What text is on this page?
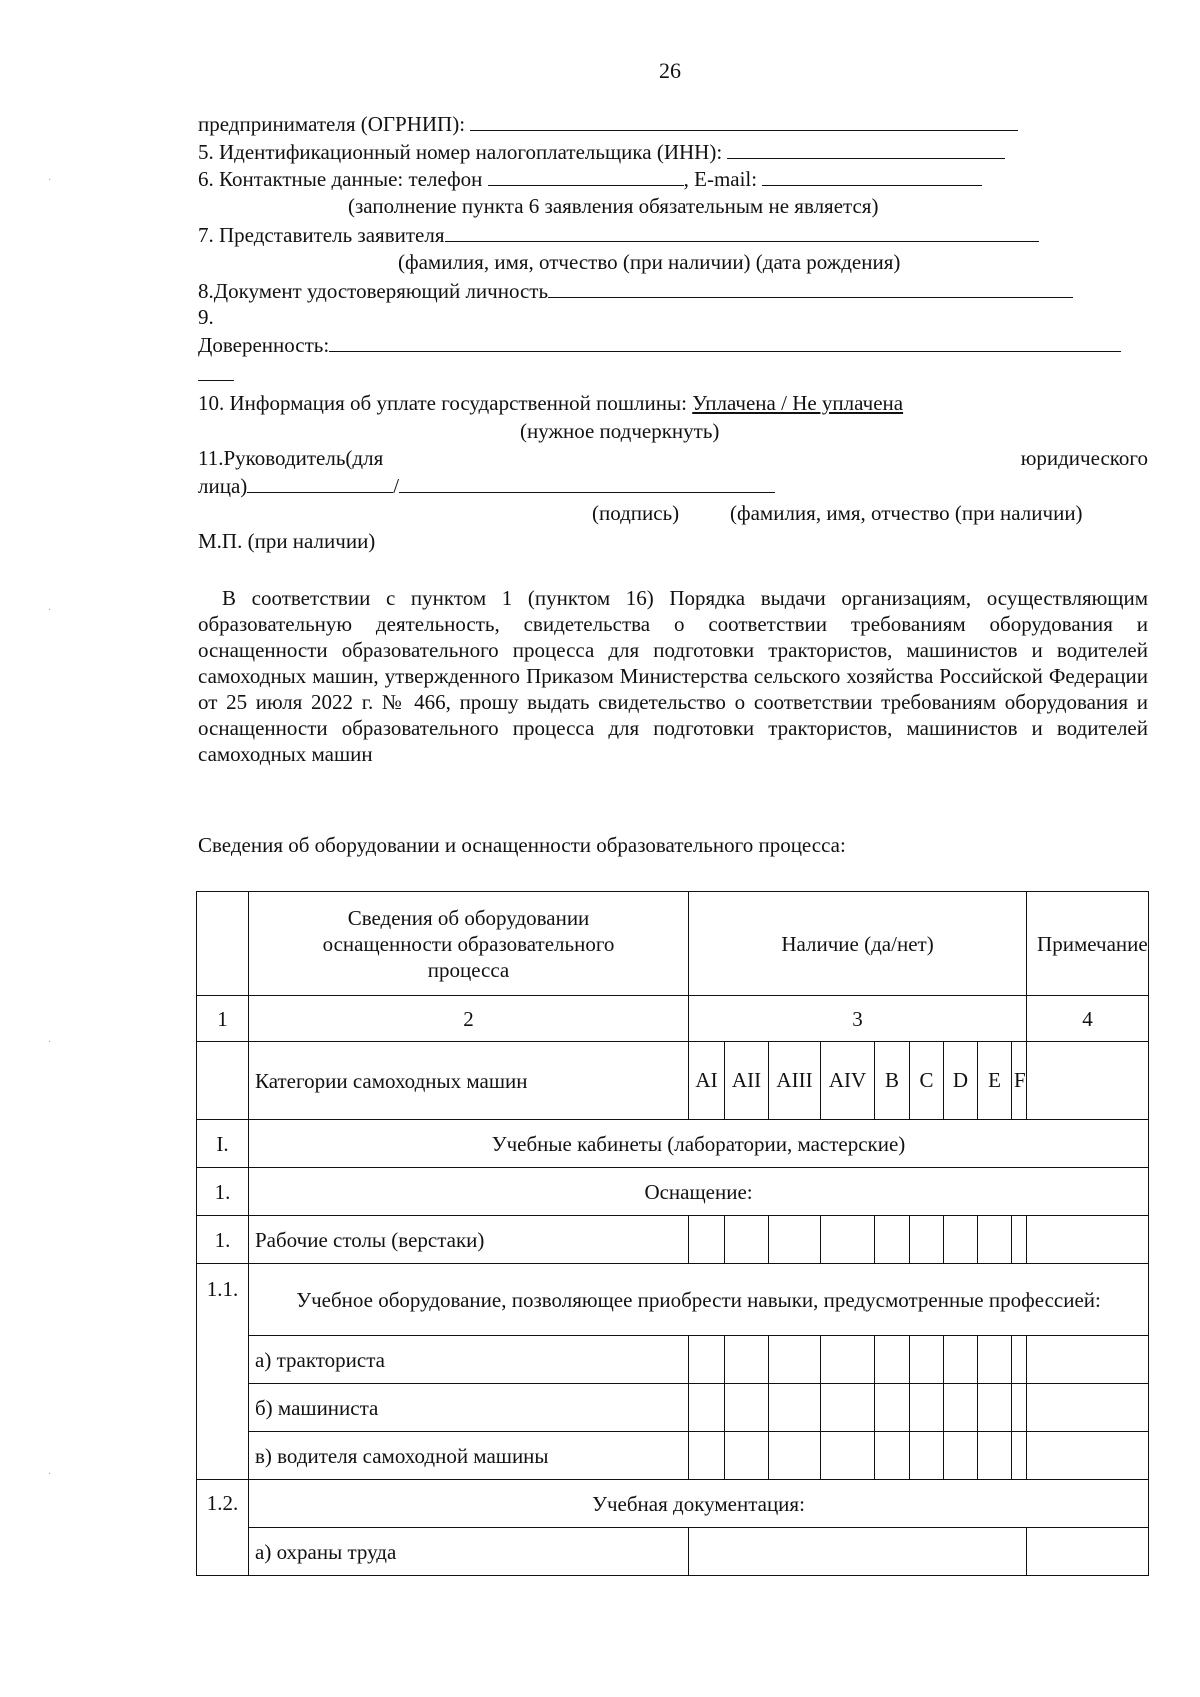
26
предпринимателя (ОГРНИП):
5. Идентификационный номер налогоплательщика (ИНН):
6. Контактные данные: телефон	, E-mail:
(заполнение пункта 6 заявления обязательным не является)
7. Представитель заявителя
(фамилия, имя, отчество (при наличии) (дата рождения)
8.Документ удостоверяющий личность
9.
Доверенность:
10. Информация об уплате государственной пошлины: Уплачена / Не уплачена
(нужное подчеркнуть)
11.Руководитель(для	юридического
лица)	/
(подпись) (фамилия, имя, отчество (при наличии)
М.П. (при наличии)
В соответствии с пунктом 1 (пунктом 16) Порядка выдачи организациям, осуществляющим образовательную деятельность, свидетельства о соответствии требованиям оборудования и оснащенности образовательного процесса для подготовки трактористов, машинистов и водителей самоходных машин, утвержденного Приказом Министерства сельского хозяйства Российской Федерации от 25 июля 2022 г. № 466, прошу выдать свидетельство о соответствии требованиям оборудования и оснащенности образовательного процесса для подготовки трактористов, машинистов и водителей самоходных машин
Сведения об оборудовании и оснащенности образовательного процесса:
	Сведения об оборудовании оснащенности образовательного процесса	Наличие (да/нет)									Примечание
1	2	3									4
	Категории самоходных машин	AI	AII	AIII	AIV	B	C	D	E	F	
I.	Учебные кабинеты (лаборатории, мастерские)										
1.	Оснащение:										
1.	Рабочие столы (верстаки)										
1.1.	Учебное оборудование, позволяющее приобрести навыки, предусмотренные профессией:										
	а) тракториста										
	б) машиниста										
	в) водителя самоходной машины										
1.2.	Учебная документация:										
	а) охраны труда										
·
·
·
·
